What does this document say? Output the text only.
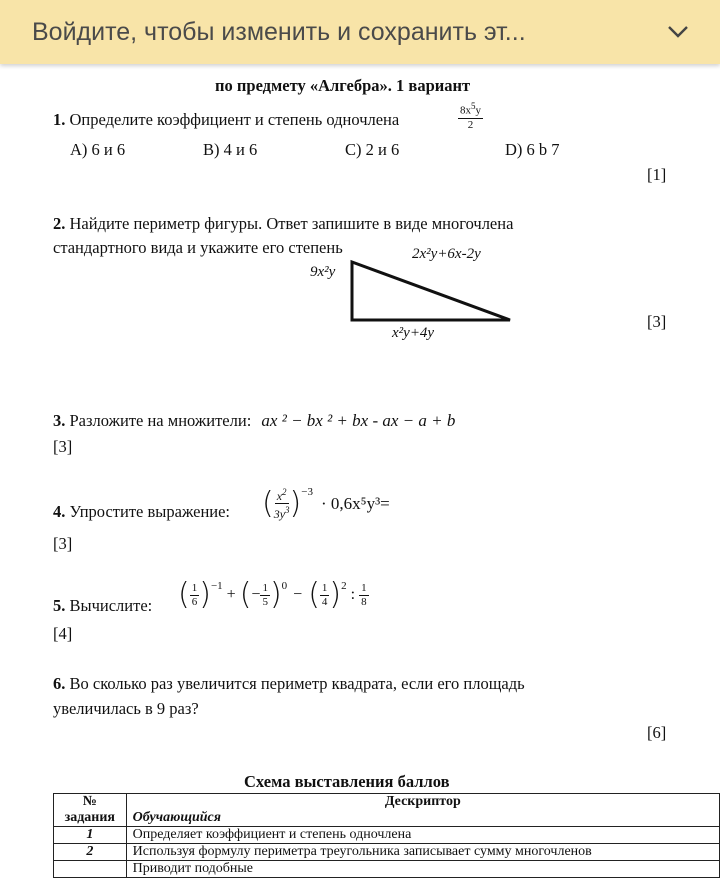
Войдите, чтобы изменить и сохранить эт...
по предмету «Алгебра». 1 вариант
1. Определите коэффициент и степень одночлена	$\frac{8x^5y}{2}$
A) 6 и 6	B) 4 и 6	C) 2 и 6	D) 6 b 7
[1]
2. Найдите периметр фигуры. Ответ запишите в виде многочлена
стандартного вида и укажите его степень
9x²y
2x²y+6x-2y
x²y+4y
[3]
3. Разложите на множители: ax ² − bx ² + bx - ax − a + b
[3]
4. Упростите выражение: ( $\frac{x^2}{3y^3} )^{-3}$
· 0,6x⁵y³=
[3]
5. Вычислите: ( $\frac{1}{6} )^{-1}$ + ( − $\frac{1}{5} )^0$ − ( $\frac{1}{4} )^2$ : $\frac{1}{8}$
[4]
6. Во сколько раз увеличится периметр квадрата, если его площадь
увеличилась в 9 раз?
[6]
Схема выставления баллов
№	Дескриптор
задания	Обучающийся
1	Определяет коэффициент и степень одночлена
2	Используя формулу периметра треугольника записывает сумму многочленов
	Приводит подобные
